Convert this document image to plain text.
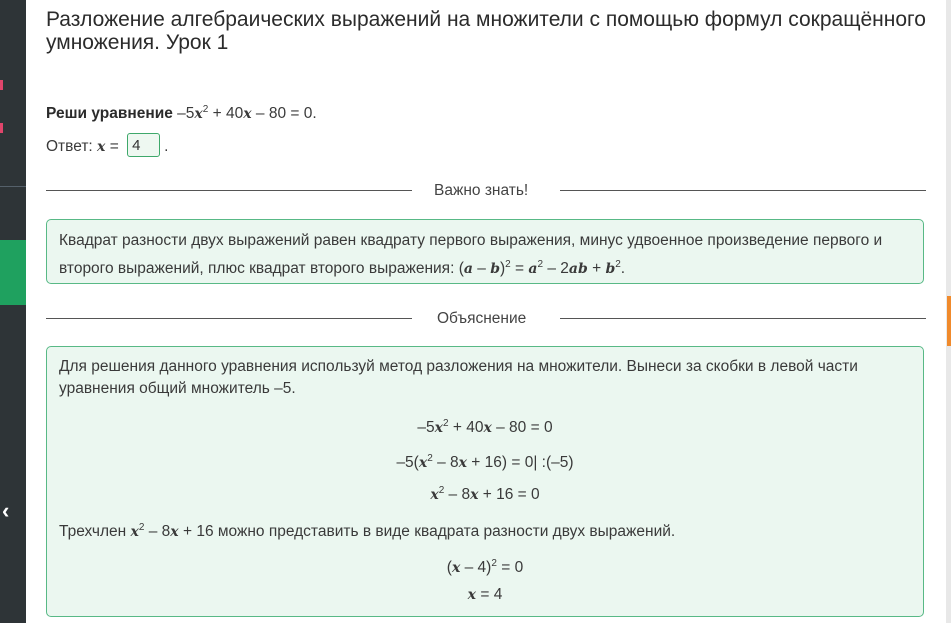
‹
Разложение алгебраических выражений на множители с помощью формул сокращённого умножения. Урок 1
Реши уравнение $-5x^2 + 40x - 80 = 0$.
Ответ: x = 4	.
Важно знать!

Квадрат разности двух выражений равен квадрату первого выражения, минус удвоенное произведение первого и второго выражений, плюс квадрат второго выражения: $(a - b)^2 = a^2 - 2ab + b^2$.

Объяснение

Для решения данного уравнения используй метод разложения на множители. Вынеси за скобки в левой части уравнения общий множитель –5.

$-5x^2 + 40x - 80 = 0$
$-5(x^2 - 8x + 16) = 0|$ :(–5)
$x^2 - 8x + 16 = 0$
Трехчлен $x^2 - 8x + 16$ можно представить в виде квадрата разности двух выражений.
(x – 4)$^2$ = 0
x = 4
